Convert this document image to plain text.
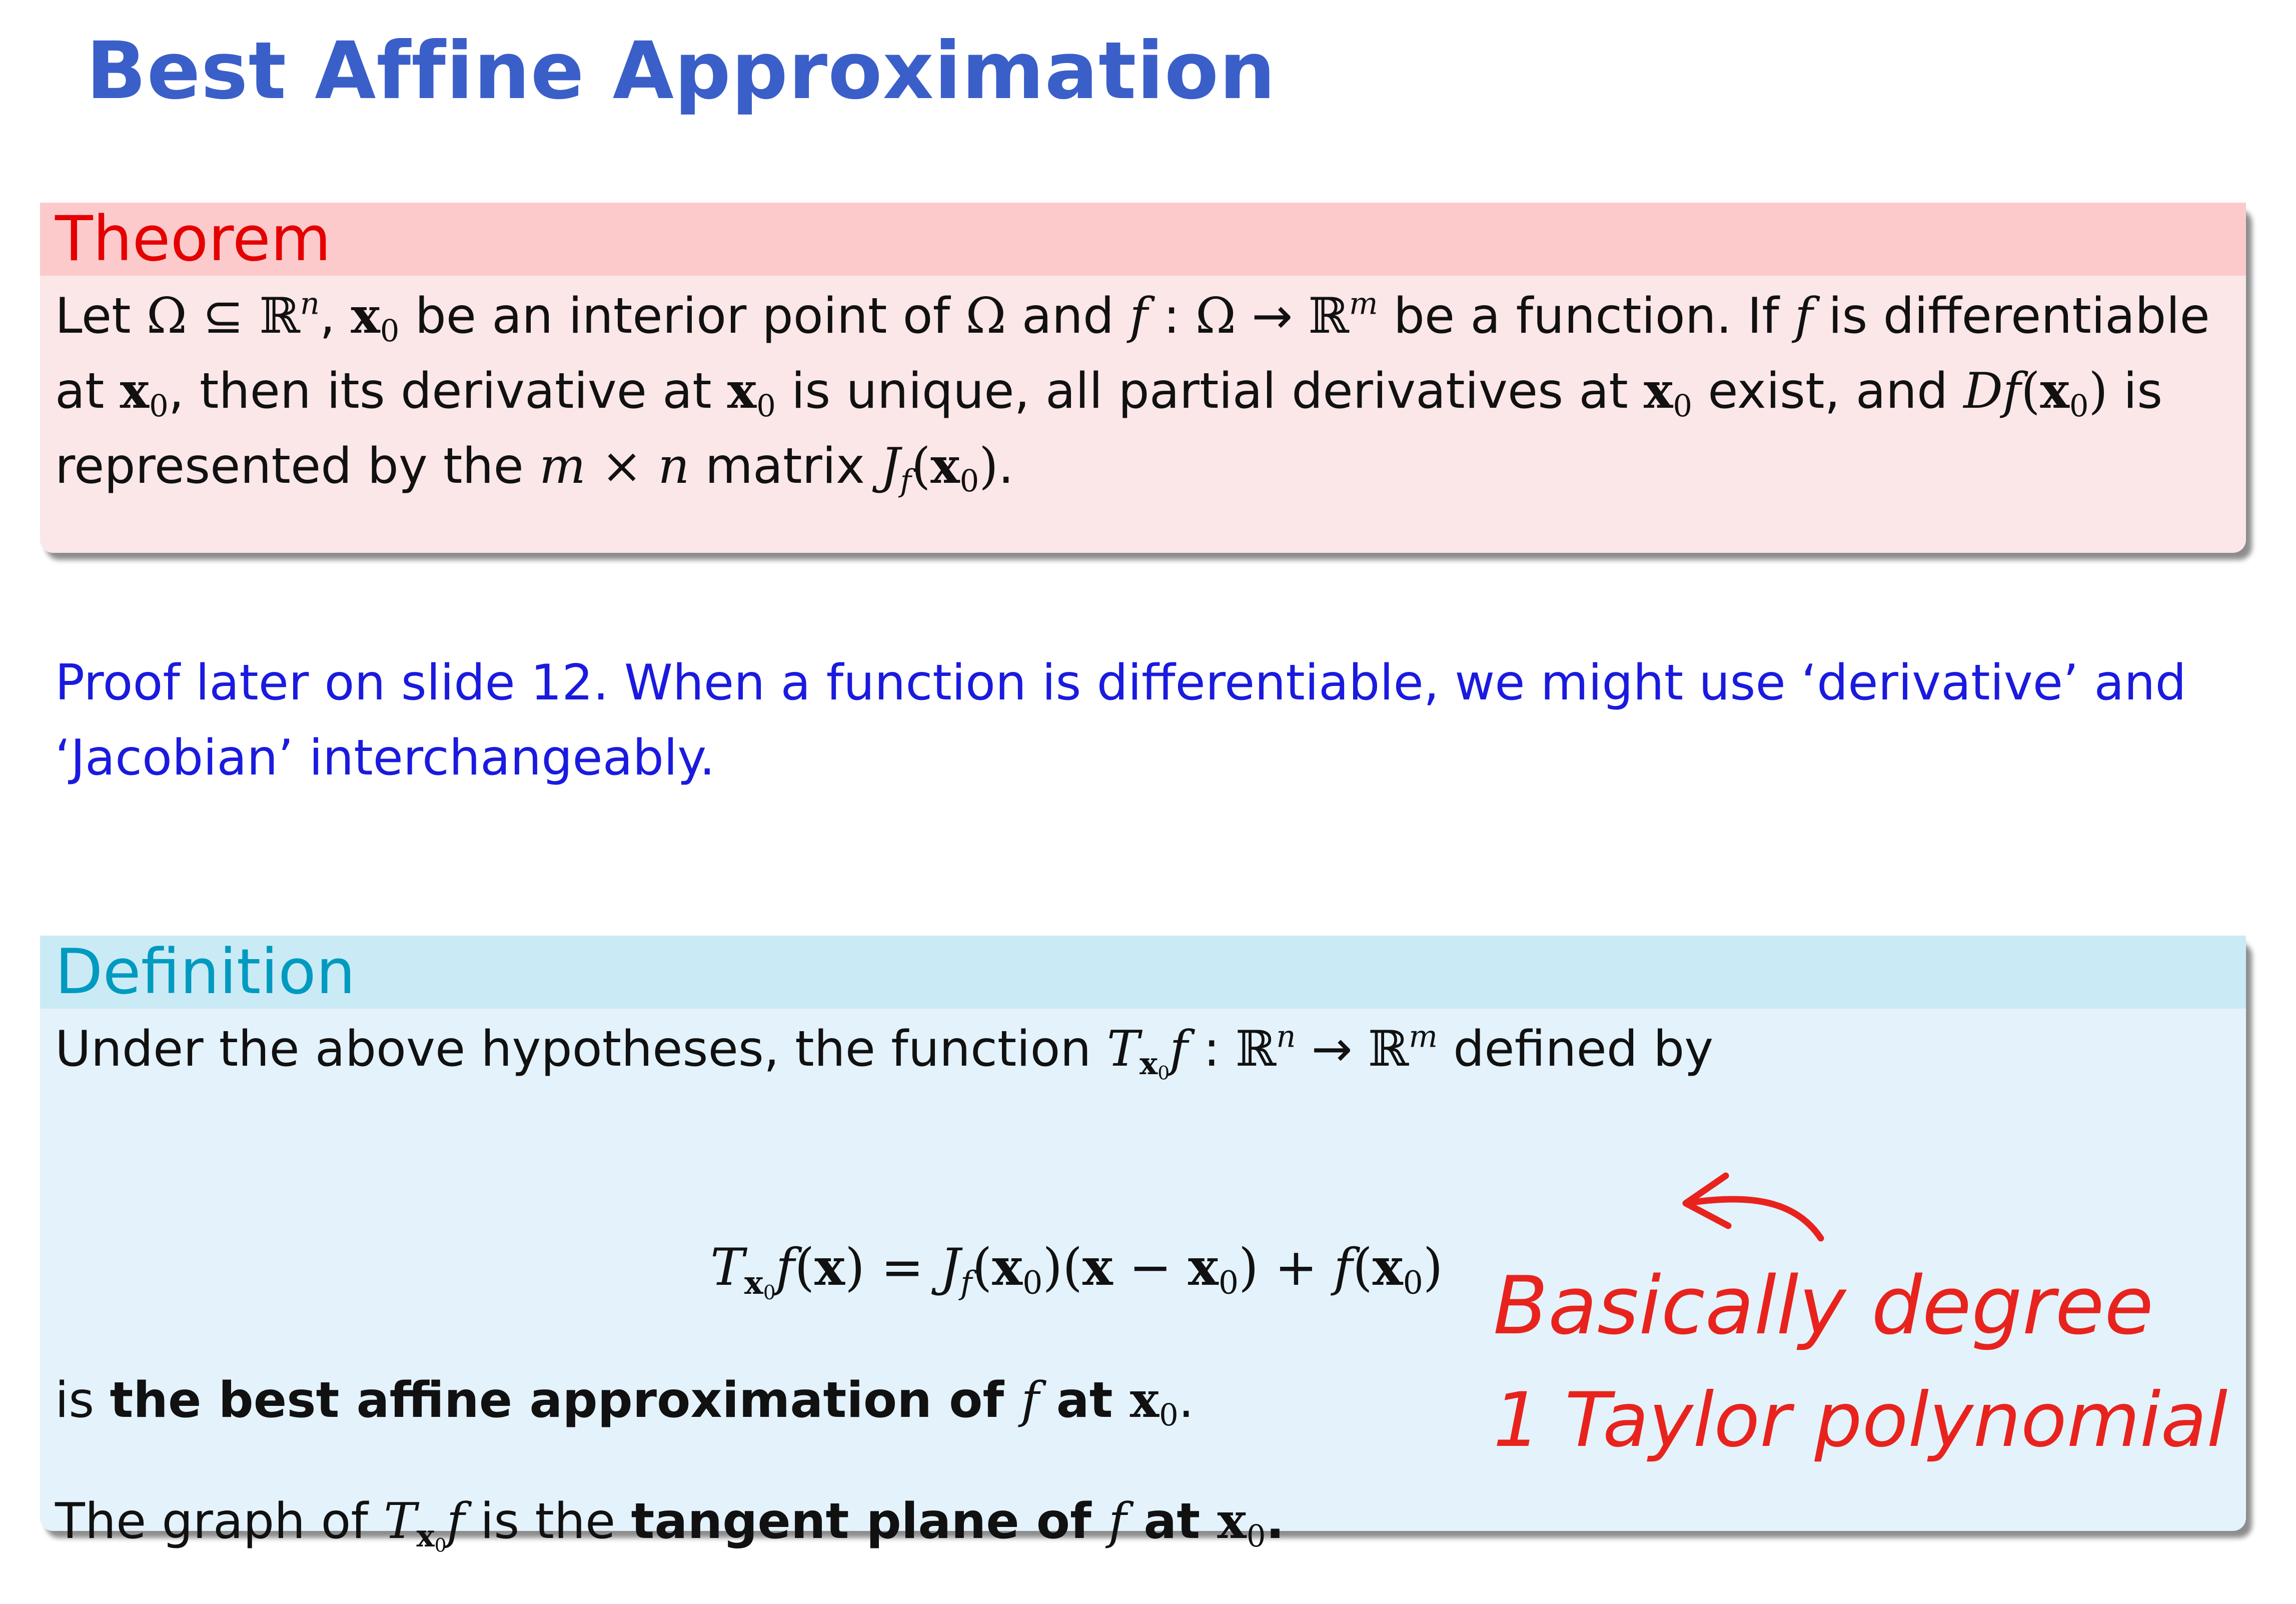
Best Affine Approximation
Theorem
Let Ω ⊆ ℝ$^n$, $x_0$ be an interior point of Ω and f : Ω → ℝ$^m$ be a function. If f is differentiable at $x_0$, then its derivative at $x_0$ is unique, all partial derivatives at $x_0$ exist, and $Df(x_0)$ is represented by the m × n matrix $J_f(x_0)$.

Proof later on slide 12. When a function is differentiable, we might use ‘derivative’ and ‘Jacobian’ interchangeably.

Definition

Under the above hypotheses, the function $T_{x_0}f$ : ℝ$^n$ → ℝ$^m$ defined by

$T_{x_0}f(x) = J_f(x_0)(x - x_0) + f(x_0)$

is the best affine approximation of f at $x_0$.

The graph of $T_{x_0}f$ is the tangent plane of f at $x_0$.

Basically degree
1 Taylor polynomial
